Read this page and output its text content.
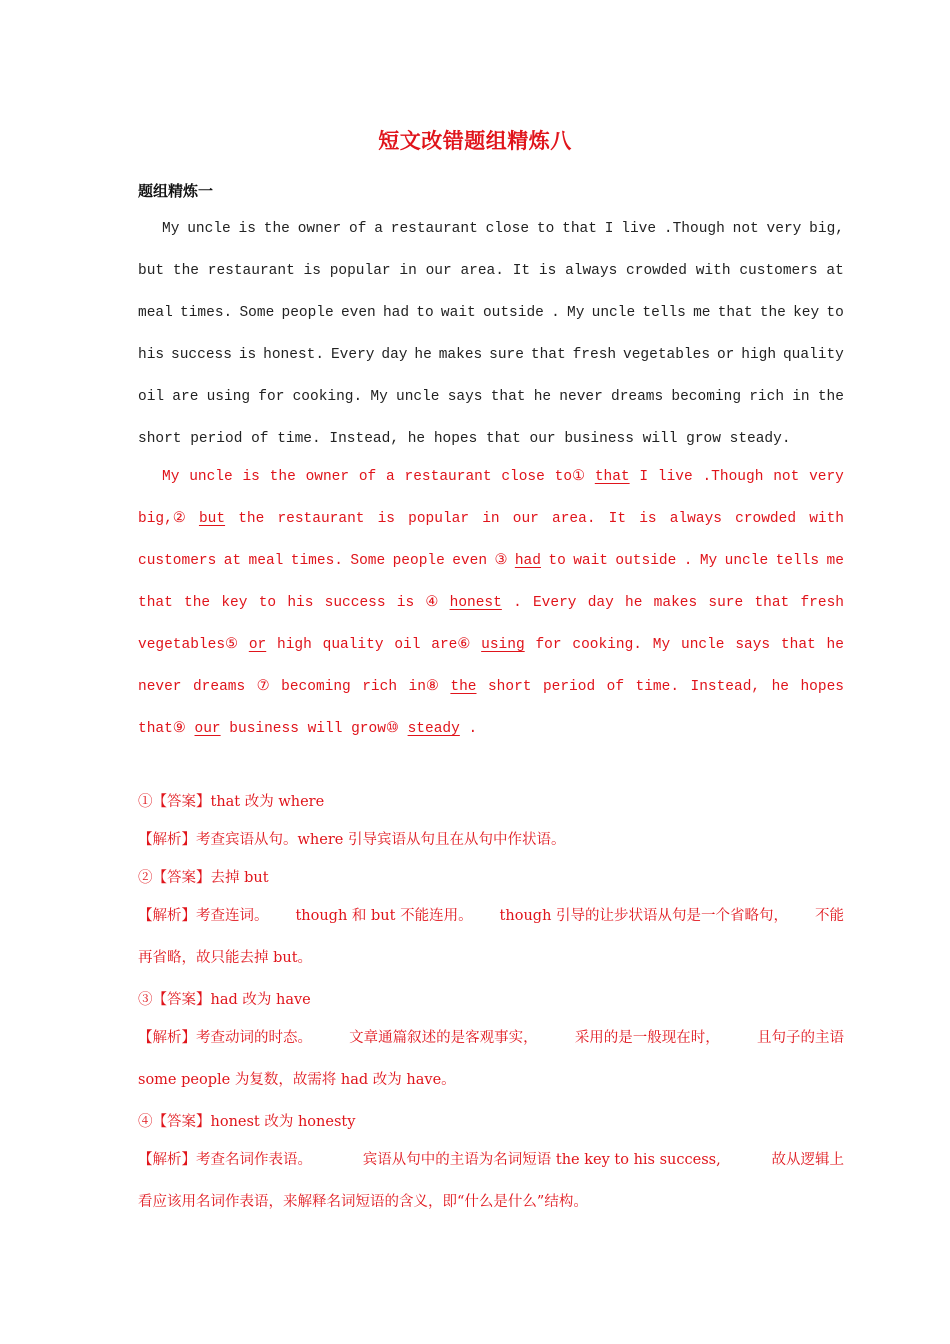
短文改错题组精炼八
题组精炼一
My uncle is the owner of a restaurant close to that I live .Though not very big,
but the restaurant is popular in our area. It is always crowded with customers at
meal times. Some people even had to wait outside . My uncle tells me that the key to
his success is honest. Every day he makes sure that fresh vegetables or high quality
oil are using for cooking. My uncle says that he never dreams becoming rich in the
short period of time. Instead, he hopes that our business will grow steady.
My uncle is the owner of a restaurant close to① that I live .Though not very
big,② but the restaurant is popular in our area. It is always crowded with
customers at meal times. Some people even ③ had to wait outside . My uncle tells me
that the key to his success is ④ honest . Every day he makes sure that fresh
vegetables⑤ or high quality oil are⑥ using for cooking. My uncle says that he
never dreams ⑦ becoming rich in⑧ the short period of time. Instead, he hopes
that⑨ our business will grow⑩ steady .
①【答案】that 改为 where
【解析】考查宾语从句。where 引导宾语从句且在从句中作状语。
②【答案】去掉 but
【解析】考查连词。 though 和 but 不能连用。 though 引导的让步状语从句是一个省略句， 不能
再省略，故只能去掉 but。
③【答案】had 改为 have
【解析】考查动词的时态。	文章通篇叙述的是客观事实，	采用的是一般现在时，	且句子的主语
some people 为复数，故需将 had 改为 have。
④【答案】honest 改为 honesty
【解析】考查名词作表语。	宾语从句中的主语为名词短语 the key to his success,	故从逻辑上
看应该用名词作表语，来解释名词短语的含义，即“什么是什么”结构。
